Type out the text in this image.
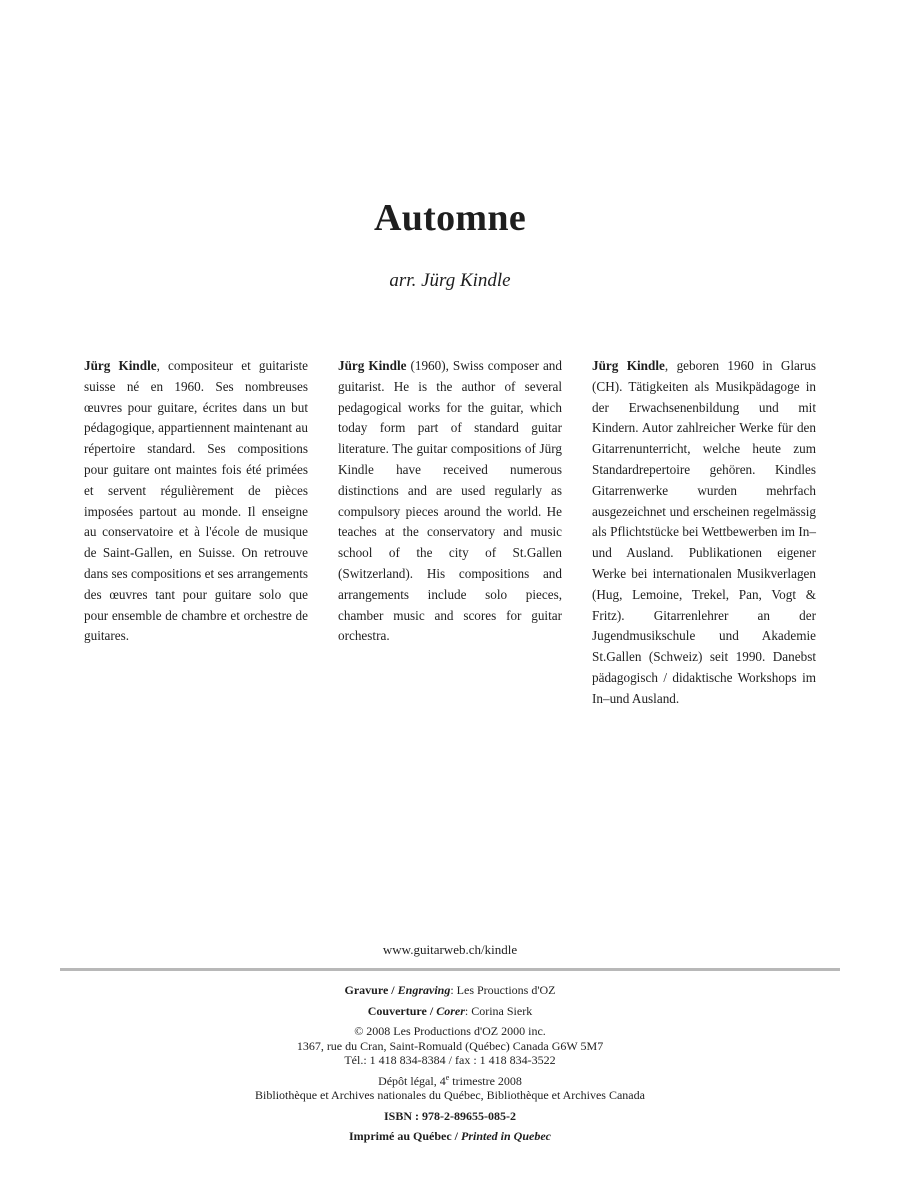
Automne
arr. Jürg Kindle
Jürg Kindle, compositeur et guitariste suisse né en 1960. Ses nombreuses œuvres pour guitare, écrites dans un but pédagogique, appartiennent maintenant au répertoire standard. Ses compositions pour guitare ont maintes fois été primées et servent régulièrement de pièces imposées partout au monde. Il enseigne au conservatoire et à l'école de musique de Saint-Gallen, en Suisse. On retrouve dans ses compositions et ses arrangements des œuvres tant pour guitare solo que pour ensemble de chambre et orchestre de guitares.
Jürg Kindle (1960), Swiss composer and guitarist. He is the author of several pedagogical works for the guitar, which today form part of standard guitar literature. The guitar compositions of Jürg Kindle have received numerous distinctions and are used regularly as compulsory pieces around the world. He teaches at the conservatory and music school of the city of St.Gallen (Switzerland). His compositions and arrangements include solo pieces, chamber music and scores for guitar orchestra.
Jürg Kindle, geboren 1960 in Glarus (CH). Tätigkeiten als Musikpädagoge in der Erwachsenenbildung und mit Kindern. Autor zahlreicher Werke für den Gitarrenunterricht, welche heute zum Standardrepertoire gehören. Kindles Gitarrenwerke wurden mehrfach ausgezeichnet und erscheinen regelmässig als Pflichtstücke bei Wettbewerben im In–und Ausland. Publikationen eigener Werke bei internationalen Musikverlagen (Hug, Lemoine, Trekel, Pan, Vogt & Fritz). Gitarrenlehrer an der Jugendmusikschule und Akademie St.Gallen (Schweiz) seit 1990. Danebst pädagogisch / didaktische Workshops im In–und Ausland.
www.guitarweb.ch/kindle
Gravure / Engraving: Les Prouctions d'OZ
Couverture / Corer: Corina Sierk
© 2008 Les Productions d'OZ 2000 inc.
1367, rue du Cran, Saint-Romuald (Québec) Canada G6W 5M7
Tél.: 1 418 834-8384 / fax : 1 418 834-3522
Dépôt légal, 4e trimestre 2008
Bibliothèque et Archives nationales du Québec, Bibliothèque et Archives Canada
ISBN : 978-2-89655-085-2
Imprimé au Québec / Printed in Quebec
